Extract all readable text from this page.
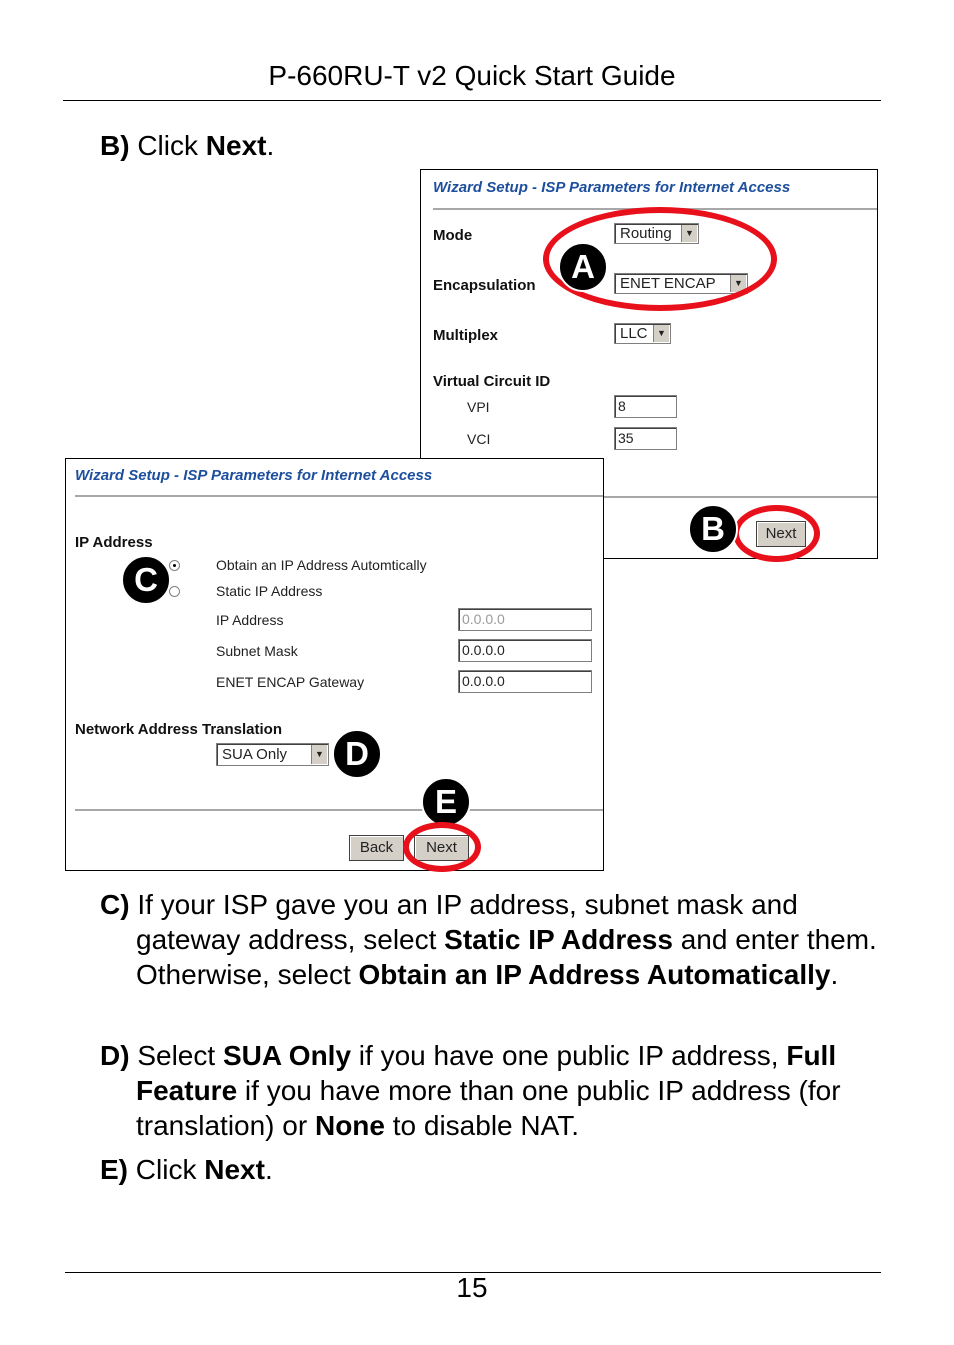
P-660RU-T v2 Quick Start Guide
B) Click Next.
Wizard Setup - ISP Parameters for Internet Access
Mode	Routing	▼
Encapsulation	ENET ENCAP	▼
Multiplex	LLC	▼
Virtual Circuit ID
VPI	8
VCI	35
Next
A
B
Wizard Setup - ISP Parameters for Internet Access
IP Address
Obtain an IP Address Automtically
Static IP Address
IP Address	0.0.0.0
Subnet Mask	0.0.0.0
ENET ENCAP Gateway	0.0.0.0
Network Address Translation
SUA Only	▼
Back	Next
C
D
E
C) If your ISP gave you an IP address, subnet mask and gateway address, select Static IP Address and enter them. Otherwise, select Obtain an IP Address Automatically.
D) Select SUA Only if you have one public IP address, Full Feature if you have more than one public IP address (for translation) or None to disable NAT.
E) Click Next.
15
